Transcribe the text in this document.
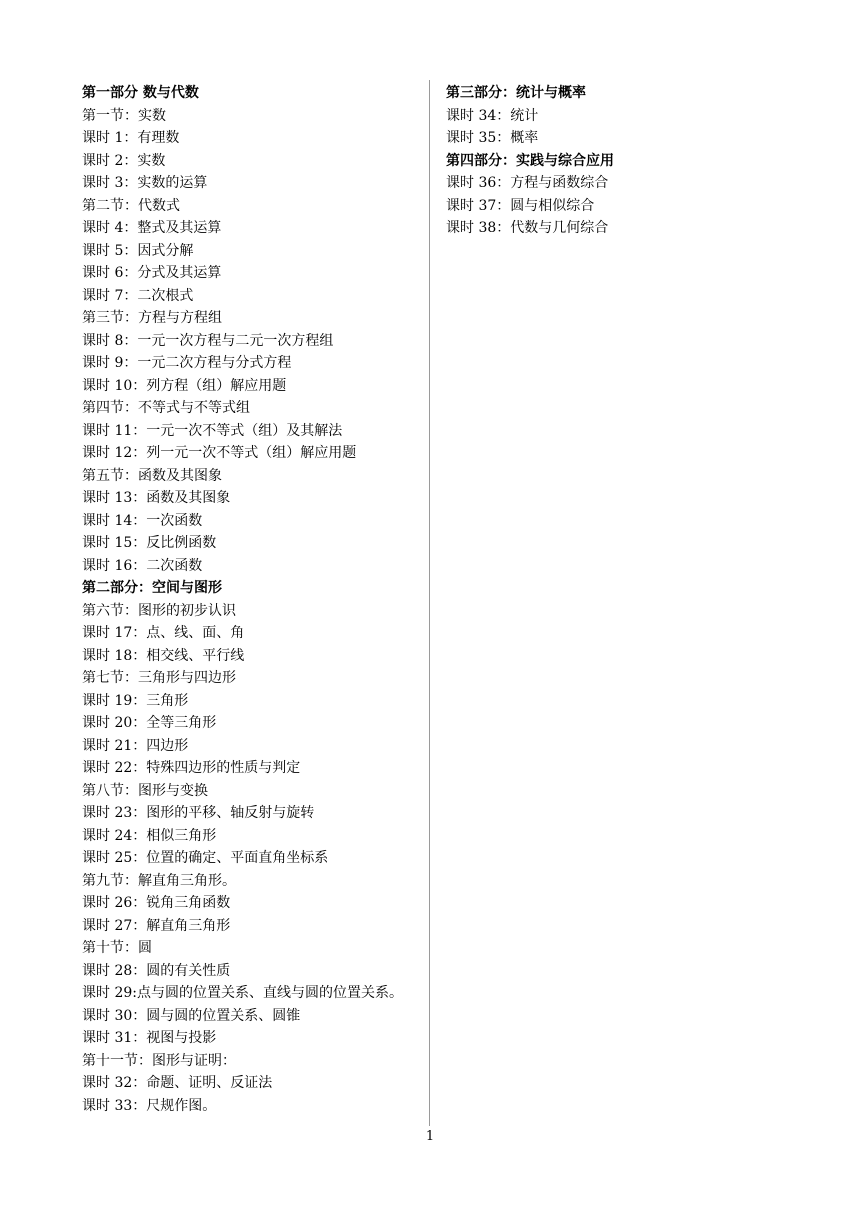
第一部分 数与代数
第一节：实数
课时 1：有理数
课时 2：实数
课时 3：实数的运算
第二节：代数式
课时 4：整式及其运算
课时 5：因式分解
课时 6：分式及其运算
课时 7：二次根式
第三节：方程与方程组
课时 8：一元一次方程与二元一次方程组
课时 9：一元二次方程与分式方程
课时 10：列方程（组）解应用题
第四节：不等式与不等式组
课时 11：一元一次不等式（组）及其解法
课时 12：列一元一次不等式（组）解应用题
第五节：函数及其图象
课时 13：函数及其图象
课时 14：一次函数
课时 15：反比例函数
课时 16：二次函数
第二部分：空间与图形
第六节：图形的初步认识
课时 17：点、线、面、角
课时 18：相交线、平行线
第七节：三角形与四边形
课时 19：三角形
课时 20：全等三角形
课时 21：四边形
课时 22：特殊四边形的性质与判定
第八节：图形与变换
课时 23：图形的平移、轴反射与旋转
课时 24：相似三角形
课时 25：位置的确定、平面直角坐标系
第九节：解直角三角形。
课时 26：锐角三角函数
课时 27：解直角三角形
第十节：圆
课时 28：圆的有关性质
课时 29:点与圆的位置关系、直线与圆的位置关系。
课时 30：圆与圆的位置关系、圆锥
课时 31：视图与投影
第十一节：图形与证明：
课时 32：命题、证明、反证法
课时 33：尺规作图。
第三部分：统计与概率
课时 34：统计
课时 35：概率
第四部分：实践与综合应用
课时 36：方程与函数综合
课时 37：圆与相似综合
课时 38：代数与几何综合
1
